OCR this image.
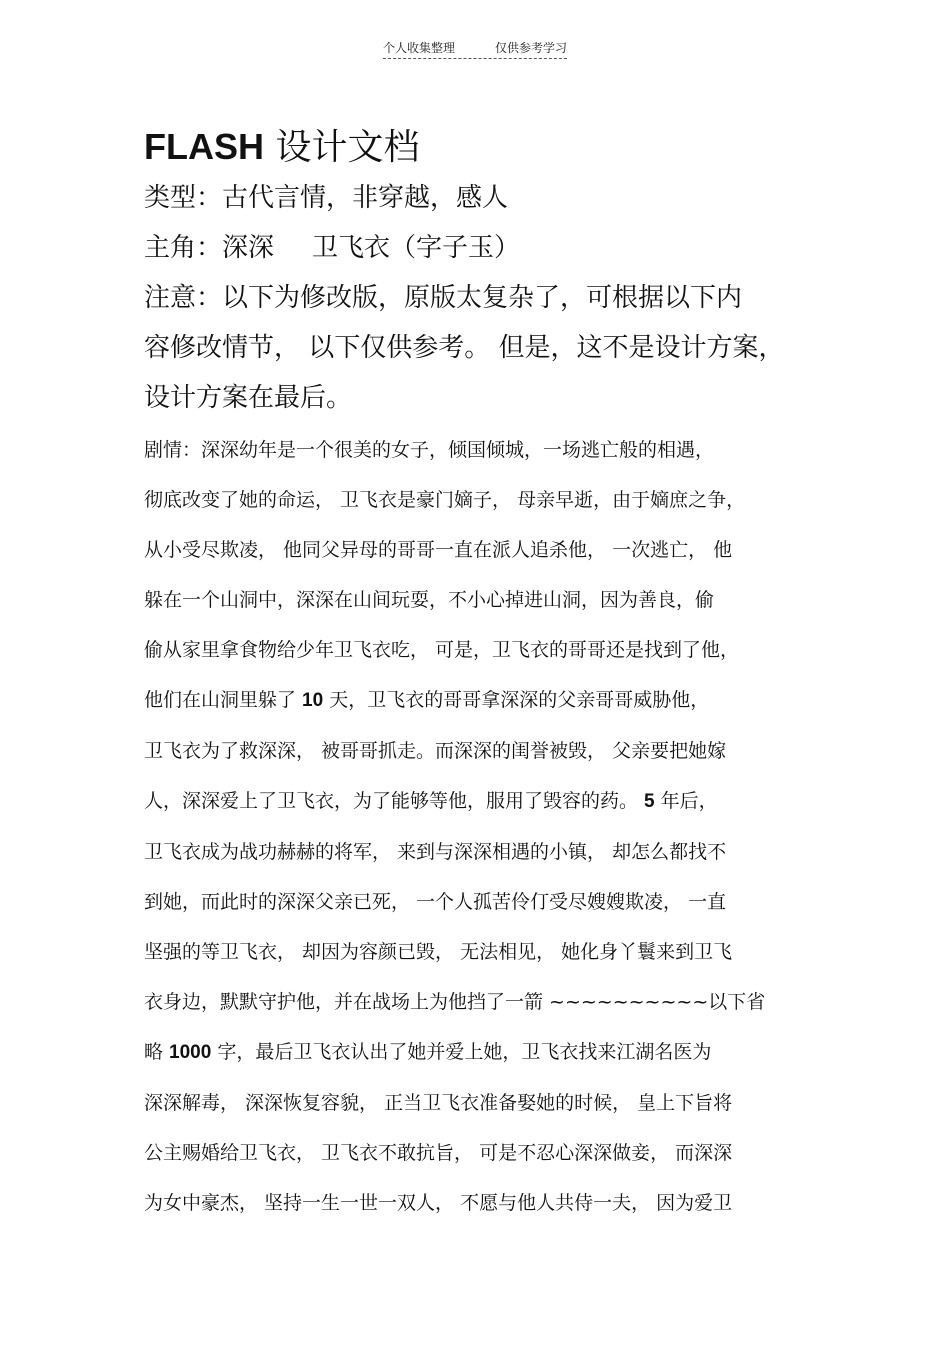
个人收集整理	仅供参考学习
FLASH 设计文档
类型：古代言情，非穿越，感人
主角：深深 卫飞衣（字子玉）
注意：以下为修改版，原版太复杂了，可根据以下内
容修改情节， 以下仅供参考。 但是，这不是设计方案，
设计方案在最后。
剧情：深深幼年是一个很美的女子，倾国倾城，一场逃亡般的相遇，
彻底改变了她的命运， 卫飞衣是豪门嫡子， 母亲早逝，由于嫡庶之争，
从小受尽欺凌， 他同父异母的哥哥一直在派人追杀他， 一次逃亡， 他
躲在一个山洞中，深深在山间玩耍，不小心掉进山洞，因为善良，偷
偷从家里拿食物给少年卫飞衣吃， 可是，卫飞衣的哥哥还是找到了他，
他们在山洞里躲了 10 天，卫飞衣的哥哥拿深深的父亲哥哥威胁他，
卫飞衣为了救深深， 被哥哥抓走。而深深的闺誉被毁， 父亲要把她嫁
人，深深爱上了卫飞衣，为了能够等他，服用了毁容的药。 5 年后，
卫飞衣成为战功赫赫的将军， 来到与深深相遇的小镇， 却怎么都找不
到她，而此时的深深父亲已死， 一个人孤苦伶仃受尽嫂嫂欺凌， 一直
坚强的等卫飞衣， 却因为容颜已毁， 无法相见， 她化身丫鬟来到卫飞
衣身边，默默守护他，并在战场上为他挡了一箭 ~~~~~~~~~~以下省
略 1000 字，最后卫飞衣认出了她并爱上她，卫飞衣找来江湖名医为
深深解毒， 深深恢复容貌， 正当卫飞衣准备娶她的时候， 皇上下旨将
公主赐婚给卫飞衣， 卫飞衣不敢抗旨， 可是不忍心深深做妾， 而深深
为女中豪杰， 坚持一生一世一双人， 不愿与他人共侍一夫， 因为爱卫
